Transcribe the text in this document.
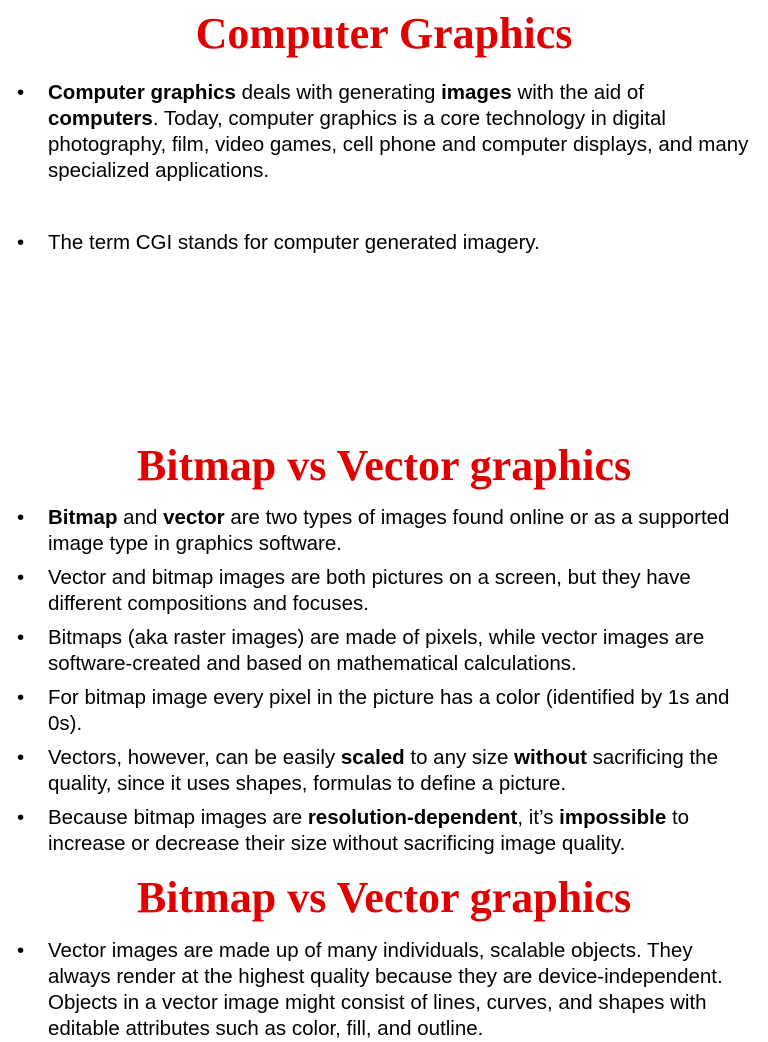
Computer Graphics
• Computer graphics deals with generating images with the aid of computers. Today, computer graphics is a core technology in digital photography, film, video games, cell phone and computer displays, and many specialized applications.
• The term CGI stands for computer generated imagery.
Bitmap vs Vector graphics
• Bitmap and vector are two types of images found online or as a supported image type in graphics software.
• Vector and bitmap images are both pictures on a screen, but they have different compositions and focuses.
• Bitmaps (aka raster images) are made of pixels, while vector images are software-created and based on mathematical calculations.
• For bitmap image every pixel in the picture has a color (identified by 1s and 0s).
• Vectors, however, can be easily scaled to any size without sacrificing the quality, since it uses shapes, formulas to define a picture.
• Because bitmap images are resolution-dependent, it’s impossible to increase or decrease their size without sacrificing image quality.
Bitmap vs Vector graphics
• Vector images are made up of many individuals, scalable objects. They always render at the highest quality because they are device-independent. Objects in a vector image might consist of lines, curves, and shapes with editable attributes such as color, fill, and outline.
